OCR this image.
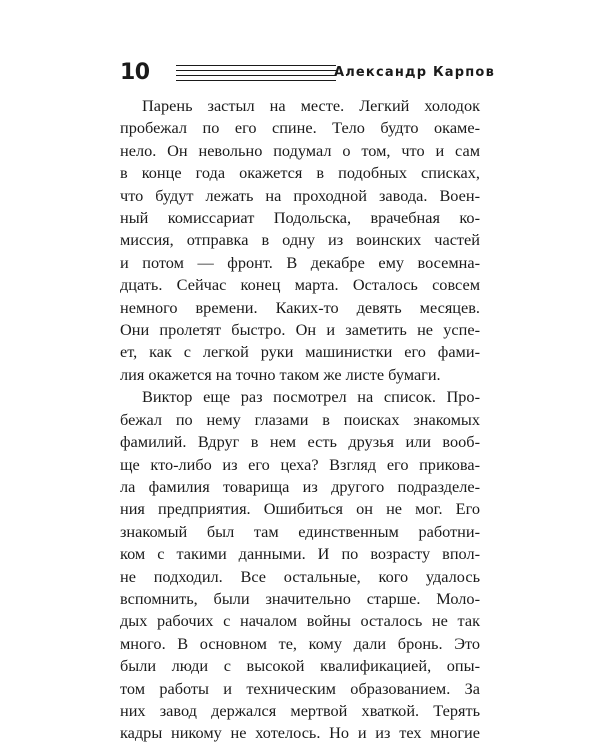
10	Александр Карпов

Парень застыл на месте. Легкий холодок
пробежал по его спине. Тело будто окаме-
нело. Он невольно подумал о том, что и сам
в конце года окажется в подобных списках,
что будут лежать на проходной завода. Воен-
ный комиссариат Подольска, врачебная ко-
миссия, отправка в одну из воинских частей
и потом — фронт. В декабре ему восемна-
дцать. Сейчас конец марта. Осталось совсем
немного времени. Каких-то девять месяцев.
Они пролетят быстро. Он и заметить не успе-
ет, как с легкой руки машинистки его фами-
лия окажется на точно таком же листе бумаги.

Виктор еще раз посмотрел на список. Про-
бежал по нему глазами в поисках знакомых
фамилий. Вдруг в нем есть друзья или вооб-
ще кто-либо из его цеха? Взгляд его прикова-
ла фамилия товарища из другого подразделе-
ния предприятия. Ошибиться он не мог. Его
знакомый был там единственным работни-
ком с такими данными. И по возрасту впол-
не подходил. Все остальные, кого удалось
вспомнить, были значительно старше. Моло-
дых рабочих с началом войны осталось не так
много. В основном те, кому дали бронь. Это
были люди с высокой квалификацией, опы-
том работы и техническим образованием. За
них завод держался мертвой хваткой. Терять
кадры никому не хотелось. Но и из тех многие
